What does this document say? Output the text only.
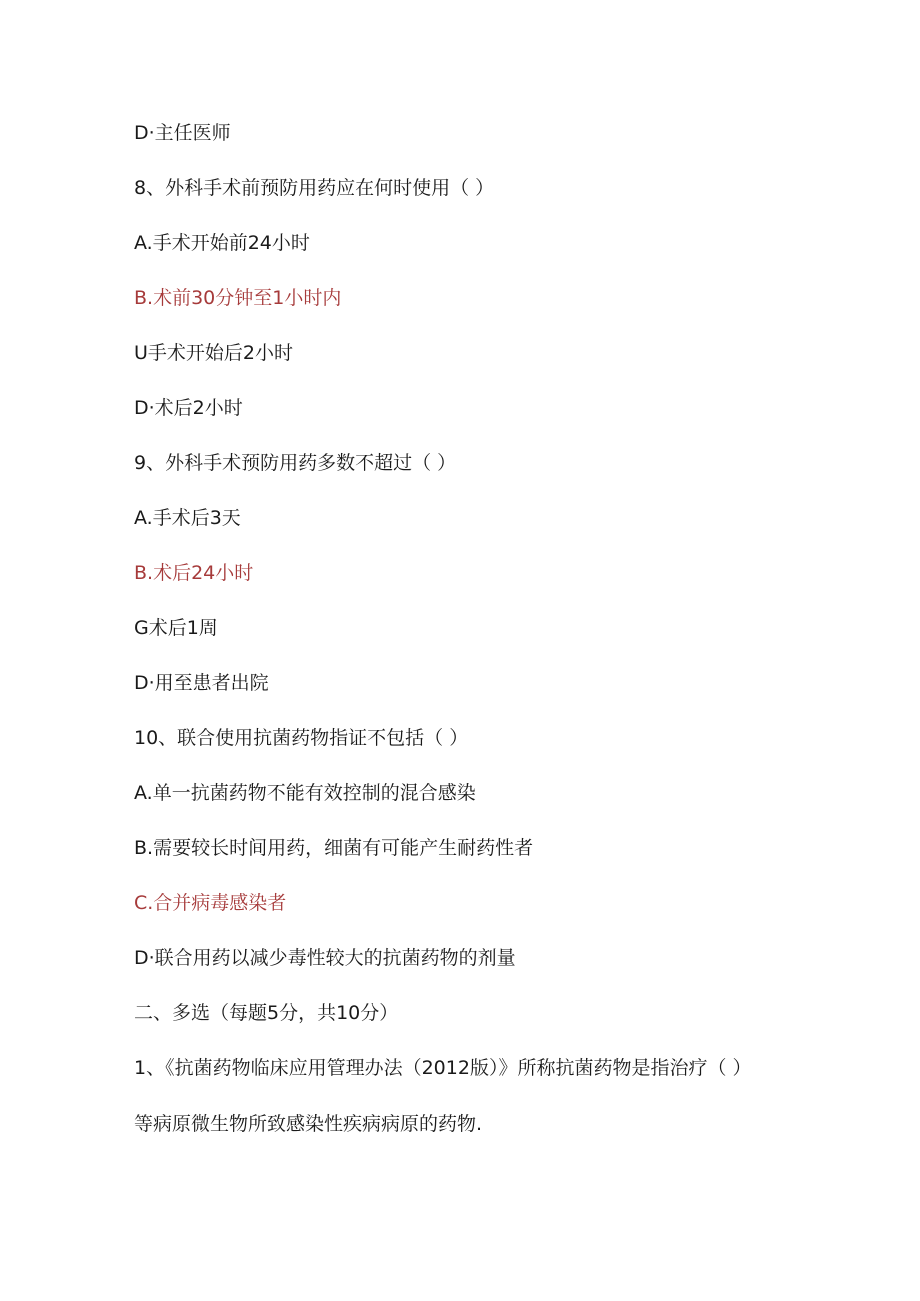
D·主任医师
8、外科手术前预防用药应在何时使用（ ）
A.手术开始前24小时
B.术前30分钟至1小时内
U手术开始后2小时
D·术后2小时
9、外科手术预防用药多数不超过（ ）
A.手术后3天
B.术后24小时
G术后1周
D·用至患者出院
10、联合使用抗菌药物指证不包括（ ）
A.单一抗菌药物不能有效控制的混合感染
B.需要较长时间用药，细菌有可能产生耐药性者
C.合并病毒感染者
D·联合用药以减少毒性较大的抗菌药物的剂量
二、多选（每题5分，共10分）
1、《抗菌药物临床应用管理办法（2012版）》所称抗菌药物是指治疗（ ）
等病原微生物所致感染性疾病病原的药物.
